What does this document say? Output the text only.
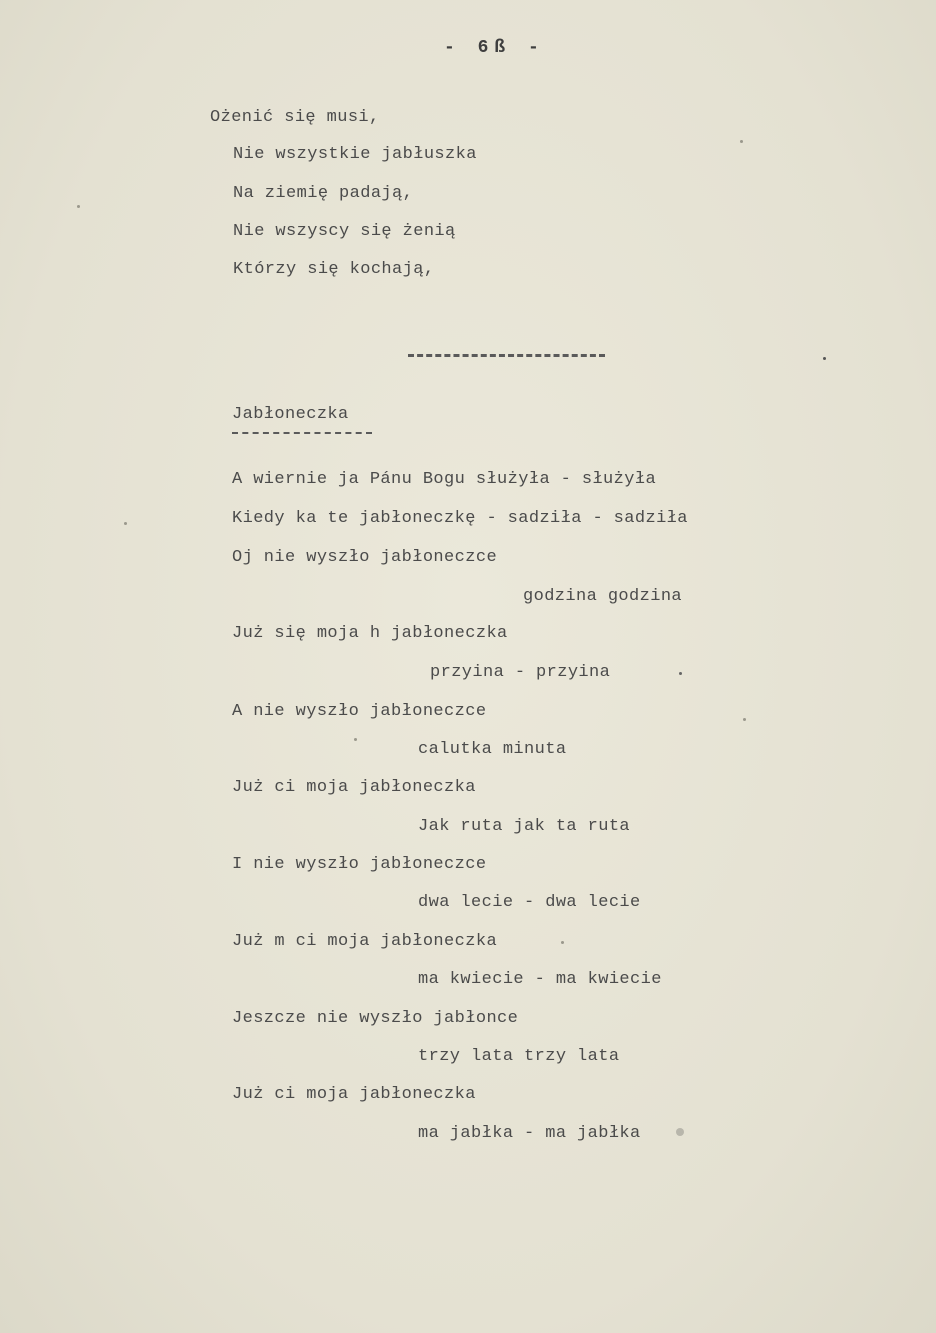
- 6ß -
Ożenić się musi,
Nie wszystkie jabłuszka
Na ziemię padają,
Nie wszyscy się żenią
Którzy się kochają,
Jabłoneczka
A wiernie ja Pánu Bogu służyła - służyła
Kiedy ka te jabłoneczkę - sadziła - sadziła
Oj nie wyszło jabłoneczce
godzina godzina
Już się moja h jabłoneczka
przyina - przyina
A nie wyszło jabłoneczce
calutka minuta
Już ci moja jabłoneczka
Jak ruta jak ta ruta
I nie wyszło jabłoneczce
dwa lecie - dwa lecie
Już m ci moja jabłoneczka
ma kwiecie - ma kwiecie
Jeszcze nie wyszło jabłonce
trzy lata trzy lata
Już ci moja jabłoneczka
ma jabłka - ma jabłka
